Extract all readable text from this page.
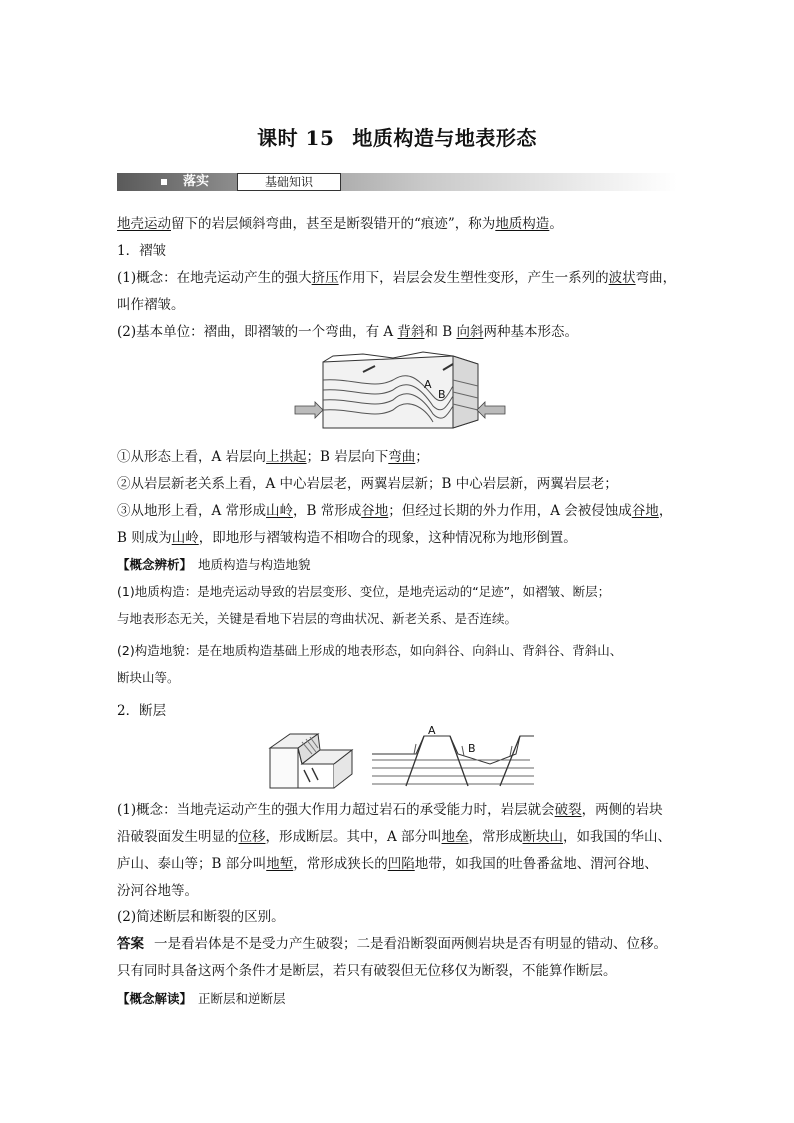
课时 15 地质构造与地表形态
落实	基础知识
地壳运动留下的岩层倾斜弯曲，甚至是断裂错开的“痕迹”，称为地质构造。
1．褶皱
(1)概念：在地壳运动产生的强大挤压作用下，岩层会发生塑性变形，产生一系列的波状弯曲，
叫作褶皱。
(2)基本单位：褶曲，即褶皱的一个弯曲，有 A 背斜和 B 向斜两种基本形态。
A
B
①从形态上看，A 岩层向上拱起；B 岩层向下弯曲；
②从岩层新老关系上看，A 中心岩层老，两翼岩层新；B 中心岩层新，两翼岩层老；
③从地形上看，A 常形成山岭，B 常形成谷地；但经过长期的外力作用，A 会被侵蚀成谷地，
B 则成为山岭，即地形与褶皱构造不相吻合的现象，这种情况称为地形倒置。
【概念辨析】 地质构造与构造地貌
(1)地质构造：是地壳运动导致的岩层变形、变位，是地壳运动的“足迹”，如褶皱、断层；
与地表形态无关，关键是看地下岩层的弯曲状况、新老关系、是否连续。
(2)构造地貌：是在地质构造基础上形成的地表形态，如向斜谷、向斜山、背斜谷、背斜山、
断块山等。
2．断层
A
B
(1)概念：当地壳运动产生的强大作用力超过岩石的承受能力时，岩层就会破裂，两侧的岩块
沿破裂面发生明显的位移，形成断层。其中，A 部分叫地垒，常形成断块山，如我国的华山、
庐山、泰山等；B 部分叫地堑，常形成狭长的凹陷地带，如我国的吐鲁番盆地、渭河谷地、
汾河谷地等。
(2)简述断层和断裂的区别。
答案 一是看岩体是不是受力产生破裂；二是看沿断裂面两侧岩块是否有明显的错动、位移。
只有同时具备这两个条件才是断层，若只有破裂但无位移仅为断裂，不能算作断层。
【概念解读】 正断层和逆断层
